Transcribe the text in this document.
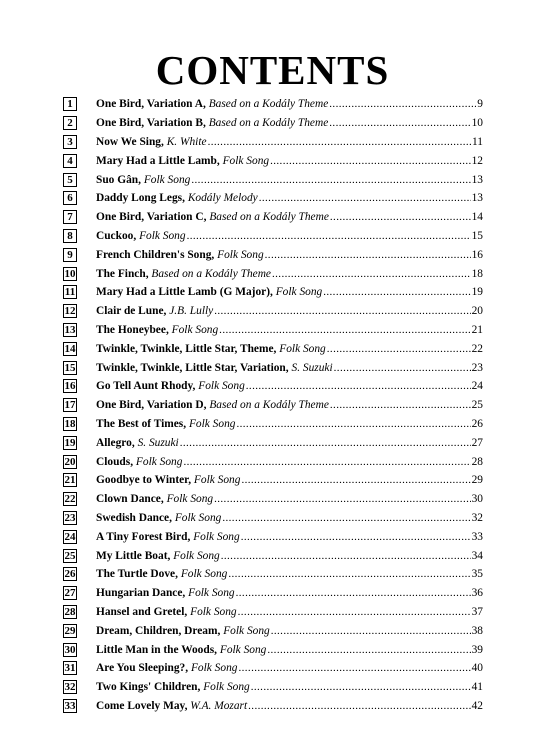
CONTENTS
1	One Bird, Variation A ,
Based on a Kodály Theme .....	9
2	One Bird, Variation B ,
Based on a Kodály Theme .....	10
3	Now We Sing ,
K. White .....	11
4	Mary Had a Little Lamb ,
Folk Song .....	12
5	Suo Gân ,
Folk Song .....	13
6	Daddy Long Legs ,
Kodály Melody .....	13
7	One Bird, Variation C ,
Based on a Kodály Theme .....	14
8	Cuckoo ,
Folk Song .....	15
9	French Children's Song ,
Folk Song .....	16
10 The Finch ,
Based on a Kodály Theme .....	18
11 Mary Had a Little Lamb (G Major) ,
Folk Song .....	19
12 Clair de Lune ,
J.B. Lully .....	20
13 The Honeybee ,
Folk Song .....	21
14 Twinkle, Twinkle, Little Star, Theme ,
Folk Song .....	22
15 Twinkle, Twinkle, Little Star, Variation ,
S. Suzuki .....	23
16 Go Tell Aunt Rhody ,
Folk Song .....	24
17 One Bird, Variation D ,
Based on a Kodály Theme .....	25
18 The Best of Times ,
Folk Song .....	26
19 Allegro ,
S. Suzuki .....	27
20 Clouds ,
Folk Song .....	28
21 Goodbye to Winter ,
Folk Song .....	29
22 Clown Dance ,
Folk Song .....	30
23 Swedish Dance ,
Folk Song .....	32
24 A Tiny Forest Bird ,
Folk Song .....	33
25 My Little Boat ,
Folk Song .....	34
26 The Turtle Dove ,
Folk Song .....	35
27 Hungarian Dance ,
Folk Song .....	36
28 Hansel and Gretel ,
Folk Song .....	37
29 Dream, Children, Dream ,
Folk Song .....	38
30 Little Man in the Woods ,
Folk Song .....	39
31 Are You Sleeping? ,
Folk Song .....	40
32 Two Kings' Children ,
Folk Song .....	41
33 Come Lovely May ,
W.A. Mozart .....	42
